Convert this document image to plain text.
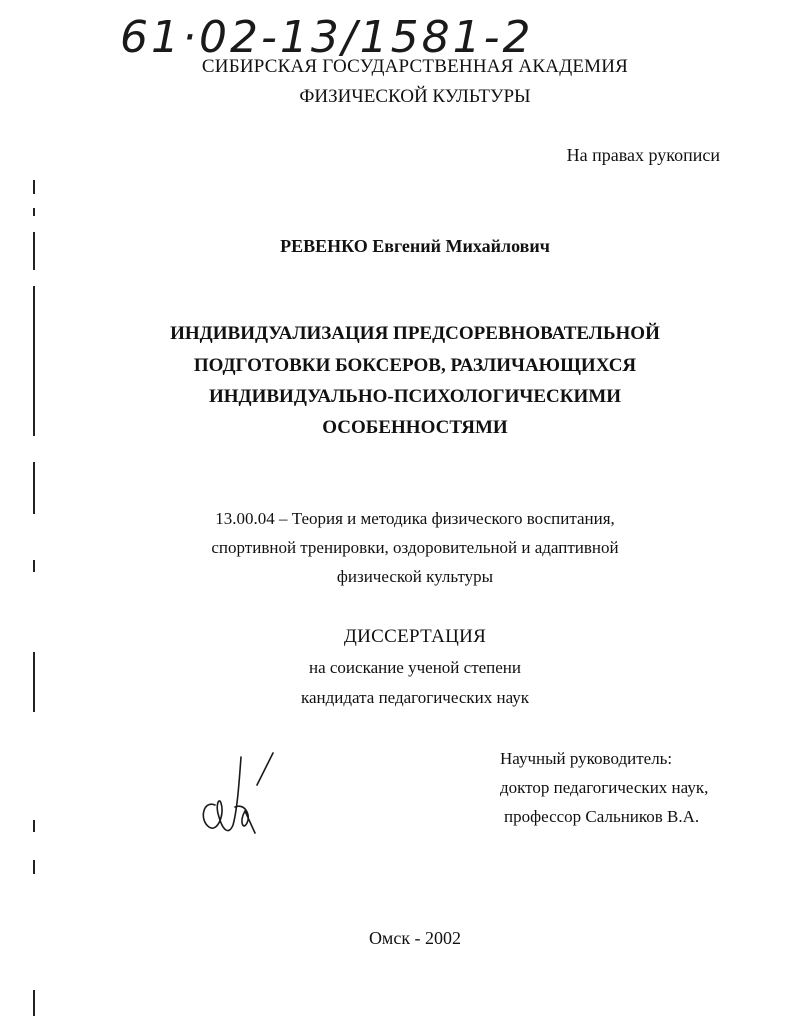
61·02-13/1581-2
СИБИРСКАЯ ГОСУДАРСТВЕННАЯ АКАДЕМИЯ
ФИЗИЧЕСКОЙ КУЛЬТУРЫ
На правах рукописи
РЕВЕНКО Евгений Михайлович
ИНДИВИДУАЛИЗАЦИЯ ПРЕДСОРЕВНОВАТЕЛЬНОЙ
ПОДГОТОВКИ БОКСЕРОВ, РАЗЛИЧАЮЩИХСЯ
ИНДИВИДУАЛЬНО-ПСИХОЛОГИЧЕСКИМИ
ОСОБЕННОСТЯМИ
13.00.04 – Теория и методика физического воспитания,
спортивной тренировки, оздоровительной и адаптивной
физической культуры
ДИССЕРТАЦИЯ
на соискание ученой степени
кандидата педагогических наук
Научный руководитель:
доктор педагогических наук,
профессор Сальников В.А.
Омск - 2002
